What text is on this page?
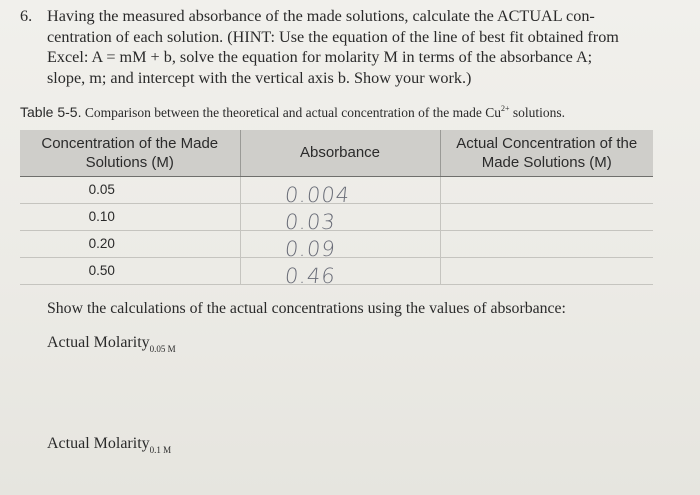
6. Having the measured absorbance of the made solutions, calculate the ACTUAL con-
centration of each solution. (HINT: Use the equation of the line of best fit obtained from
Excel: A = mM + b, solve the equation for molarity M in terms of the absorbance A;
slope, m; and intercept with the vertical axis b. Show your work.)
Table 5-5. Comparison between the theoretical and actual concentration of the made $Cu^{2+}$ solutions.
Concentration of the Made Solutions (M)	Absorbance	Actual Concentration of the Made Solutions (M)
0.05	0.004	

0.10	0.03	

0.20	0.09	

0.50	0.46	

Show the calculations of the actual concentrations using the values of absorbance:
Actual Molarity$_{0.05 M}$
Actual Molarity$_{0.1 M}$
